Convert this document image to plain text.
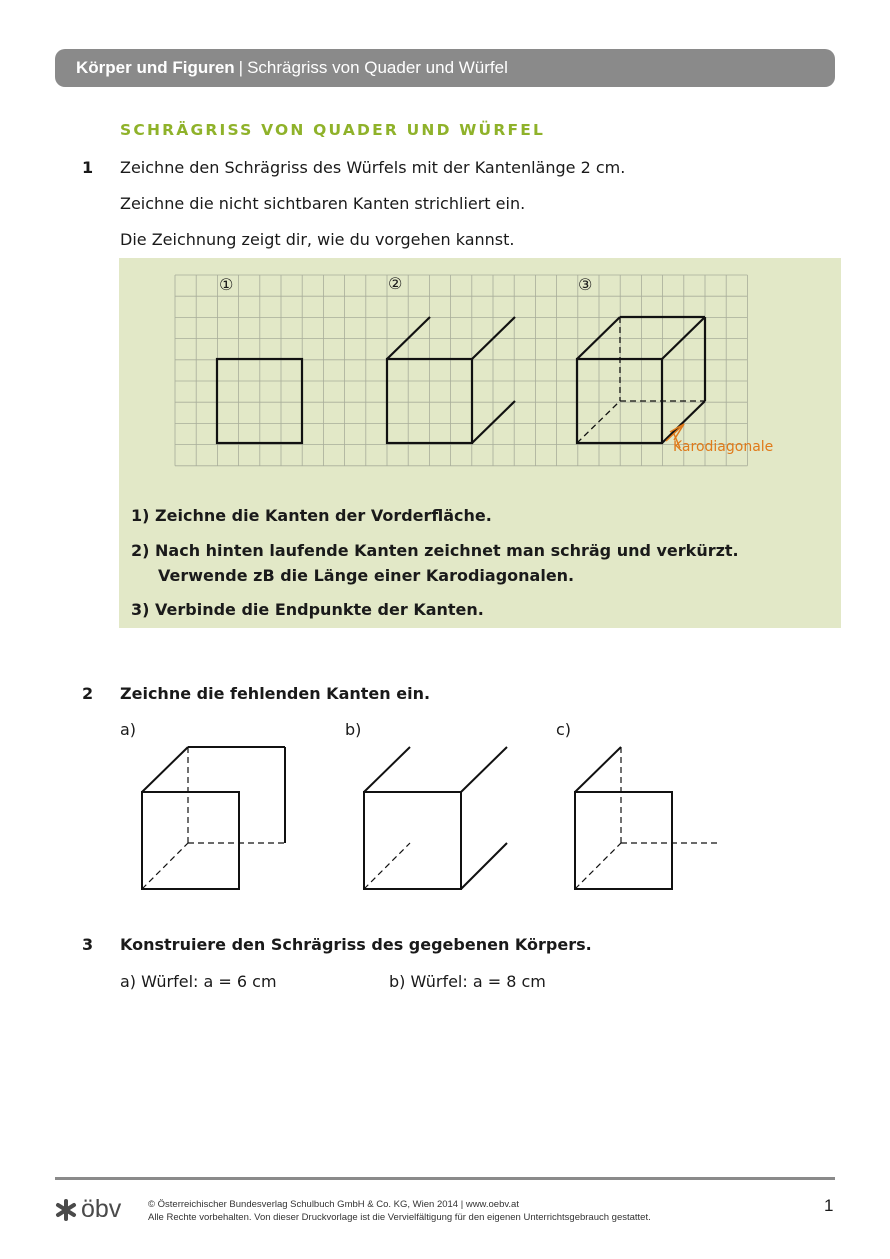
Körper und Figuren | Schrägriss von Quader und Würfel
SCHRÄGRISS VON QUADER UND WÜRFEL
1 Zeichne den Schrägriss des Würfels mit der Kantenlänge 2 cm.
Zeichne die nicht sichtbaren Kanten strichliert ein.
Die Zeichnung zeigt dir, wie du vorgehen kannst.
①	②	③
Karodiagonale
1) Zeichne die Kanten der Vorderfläche.
2) Nach hinten laufende Kanten zeichnet man schräg und verkürzt.
Verwende zB die Länge einer Karodiagonalen.
3) Verbinde die Endpunkte der Kanten.
2 Zeichne die fehlenden Kanten ein.
a)	b)	c)
3 Konstruiere den Schrägriss des gegebenen Körpers.
a) Würfel: a = 6 cm	b) Würfel: a = 8 cm
öbv	© Österreichischer Bundesverlag Schulbuch GmbH & Co. KG, Wien 2014 | www.oebv.at
Alle Rechte vorbehalten. Von dieser Druckvorlage ist die Vervielfältigung für den eigenen Unterrichtsgebrauch gestattet.
1
